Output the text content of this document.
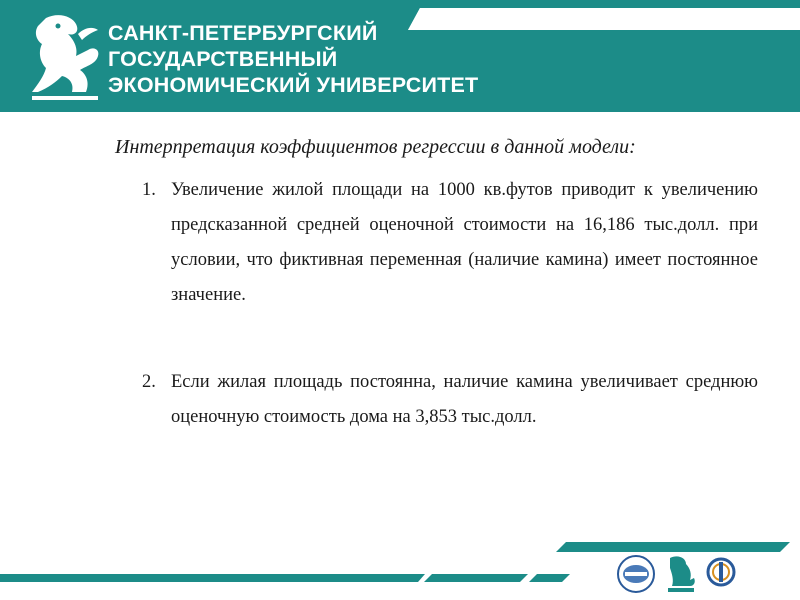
САНКТ-ПЕТЕРБУРГСКИЙ
ГОСУДАРСТВЕННЫЙ
ЭКОНОМИЧЕСКИЙ УНИВЕРСИТЕТ
Интерпретация коэффициентов регрессии в данной модели:
1. Увеличение жилой площади на 1000 кв.футов приводит к увеличению предсказанной средней оценочной стоимости на 16,186 тыс.долл. при условии, что фиктивная переменная (наличие камина) имеет постоянное значение.
2. Если жилая площадь постоянна, наличие камина увеличивает среднюю оценочную стоимость дома на 3,853 тыс.долл.
